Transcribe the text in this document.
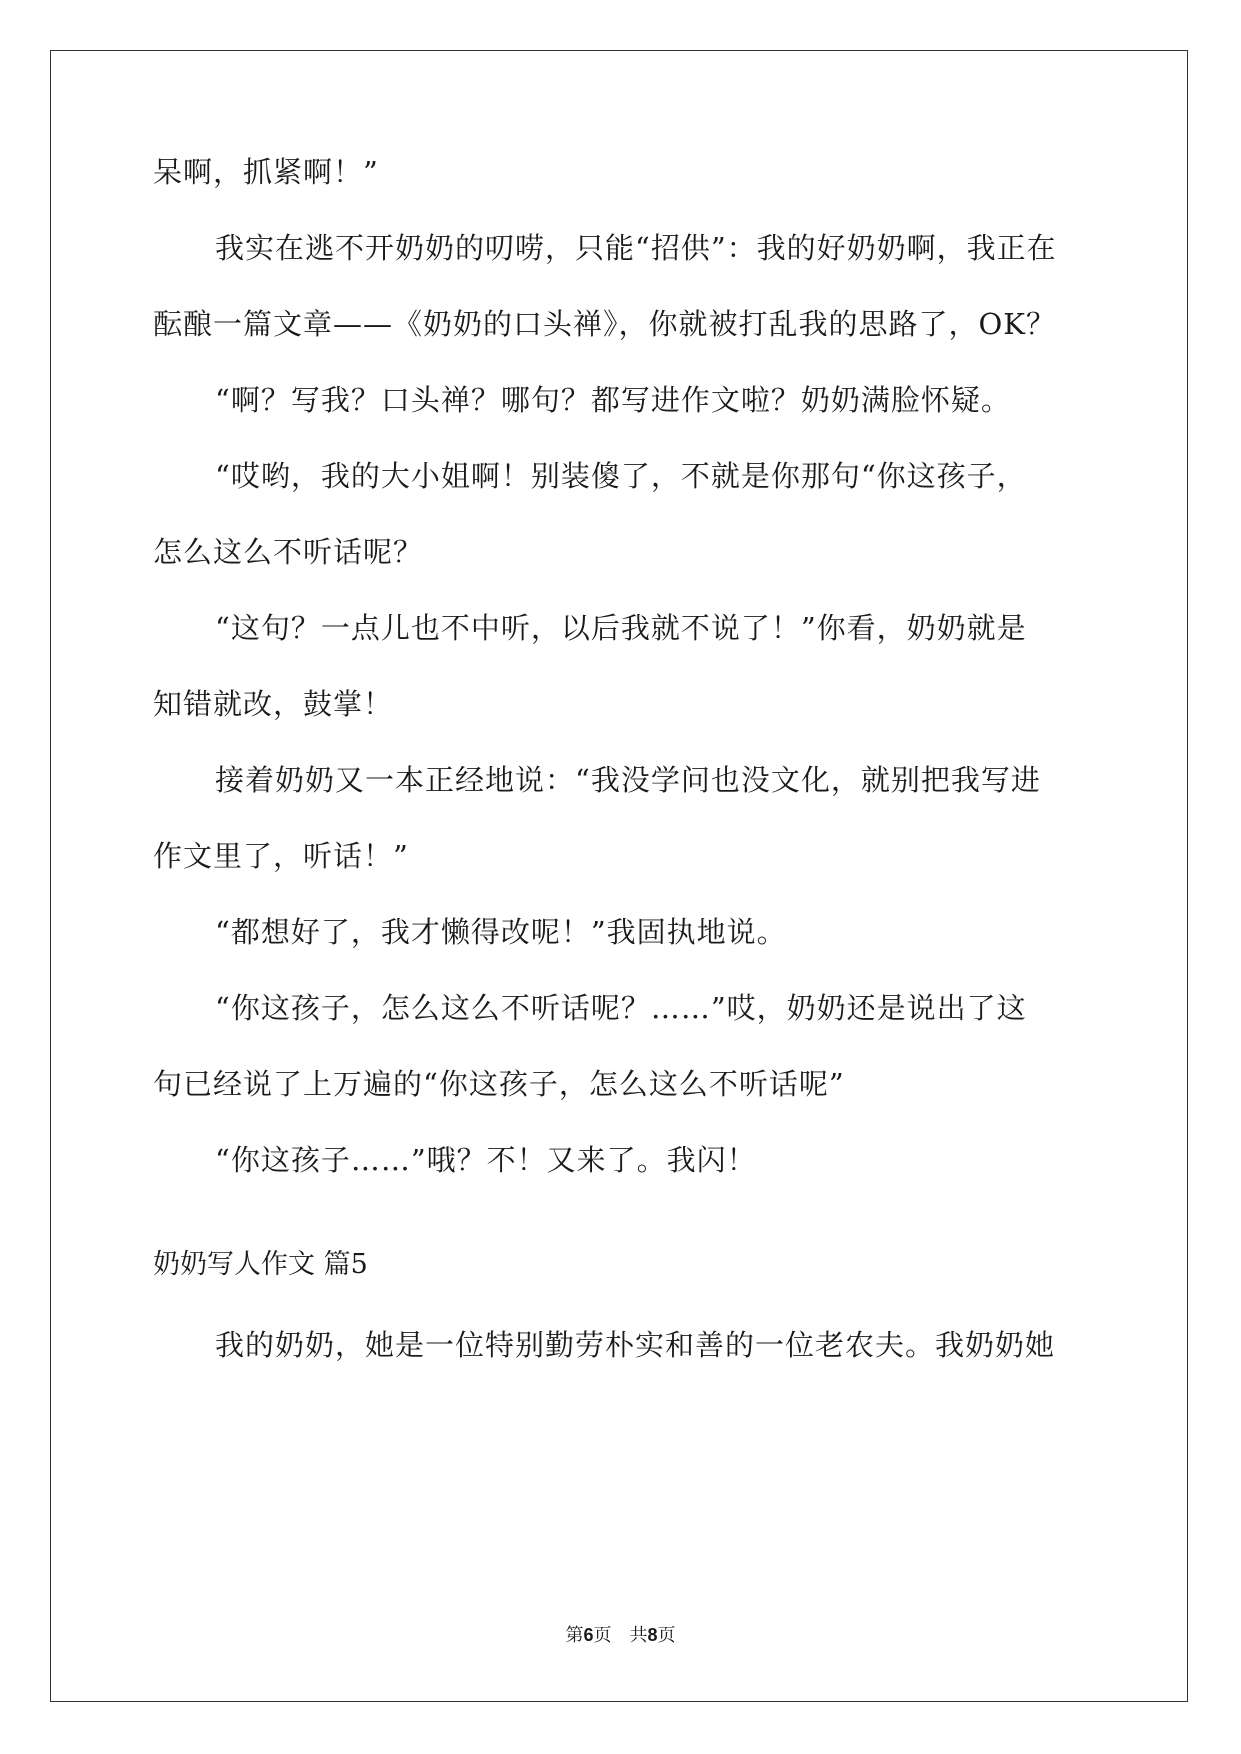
呆啊，抓紧啊！”
我实在逃不开奶奶的叨唠，只能“招供”：我的好奶奶啊，我正在
酝酿一篇文章——《奶奶的口头禅》，你就被打乱我的思路了，OK？
“啊？写我？口头禅？哪句？都写进作文啦？奶奶满脸怀疑。
“哎哟，我的大小姐啊！别装傻了，不就是你那句“你这孩子，
怎么这么不听话呢？
“这句？一点儿也不中听，以后我就不说了！”你看，奶奶就是
知错就改，鼓掌！
接着奶奶又一本正经地说：“我没学问也没文化，就别把我写进
作文里了，听话！”
“都想好了，我才懒得改呢！”我固执地说。
“你这孩子，怎么这么不听话呢？……”哎，奶奶还是说出了这
句已经说了上万遍的“你这孩子，怎么这么不听话呢”
“你这孩子……”哦？不！又来了。我闪！
奶奶写人作文 篇5
我的奶奶，她是一位特别勤劳朴实和善的一位老农夫。我奶奶她
第6页　共8页
